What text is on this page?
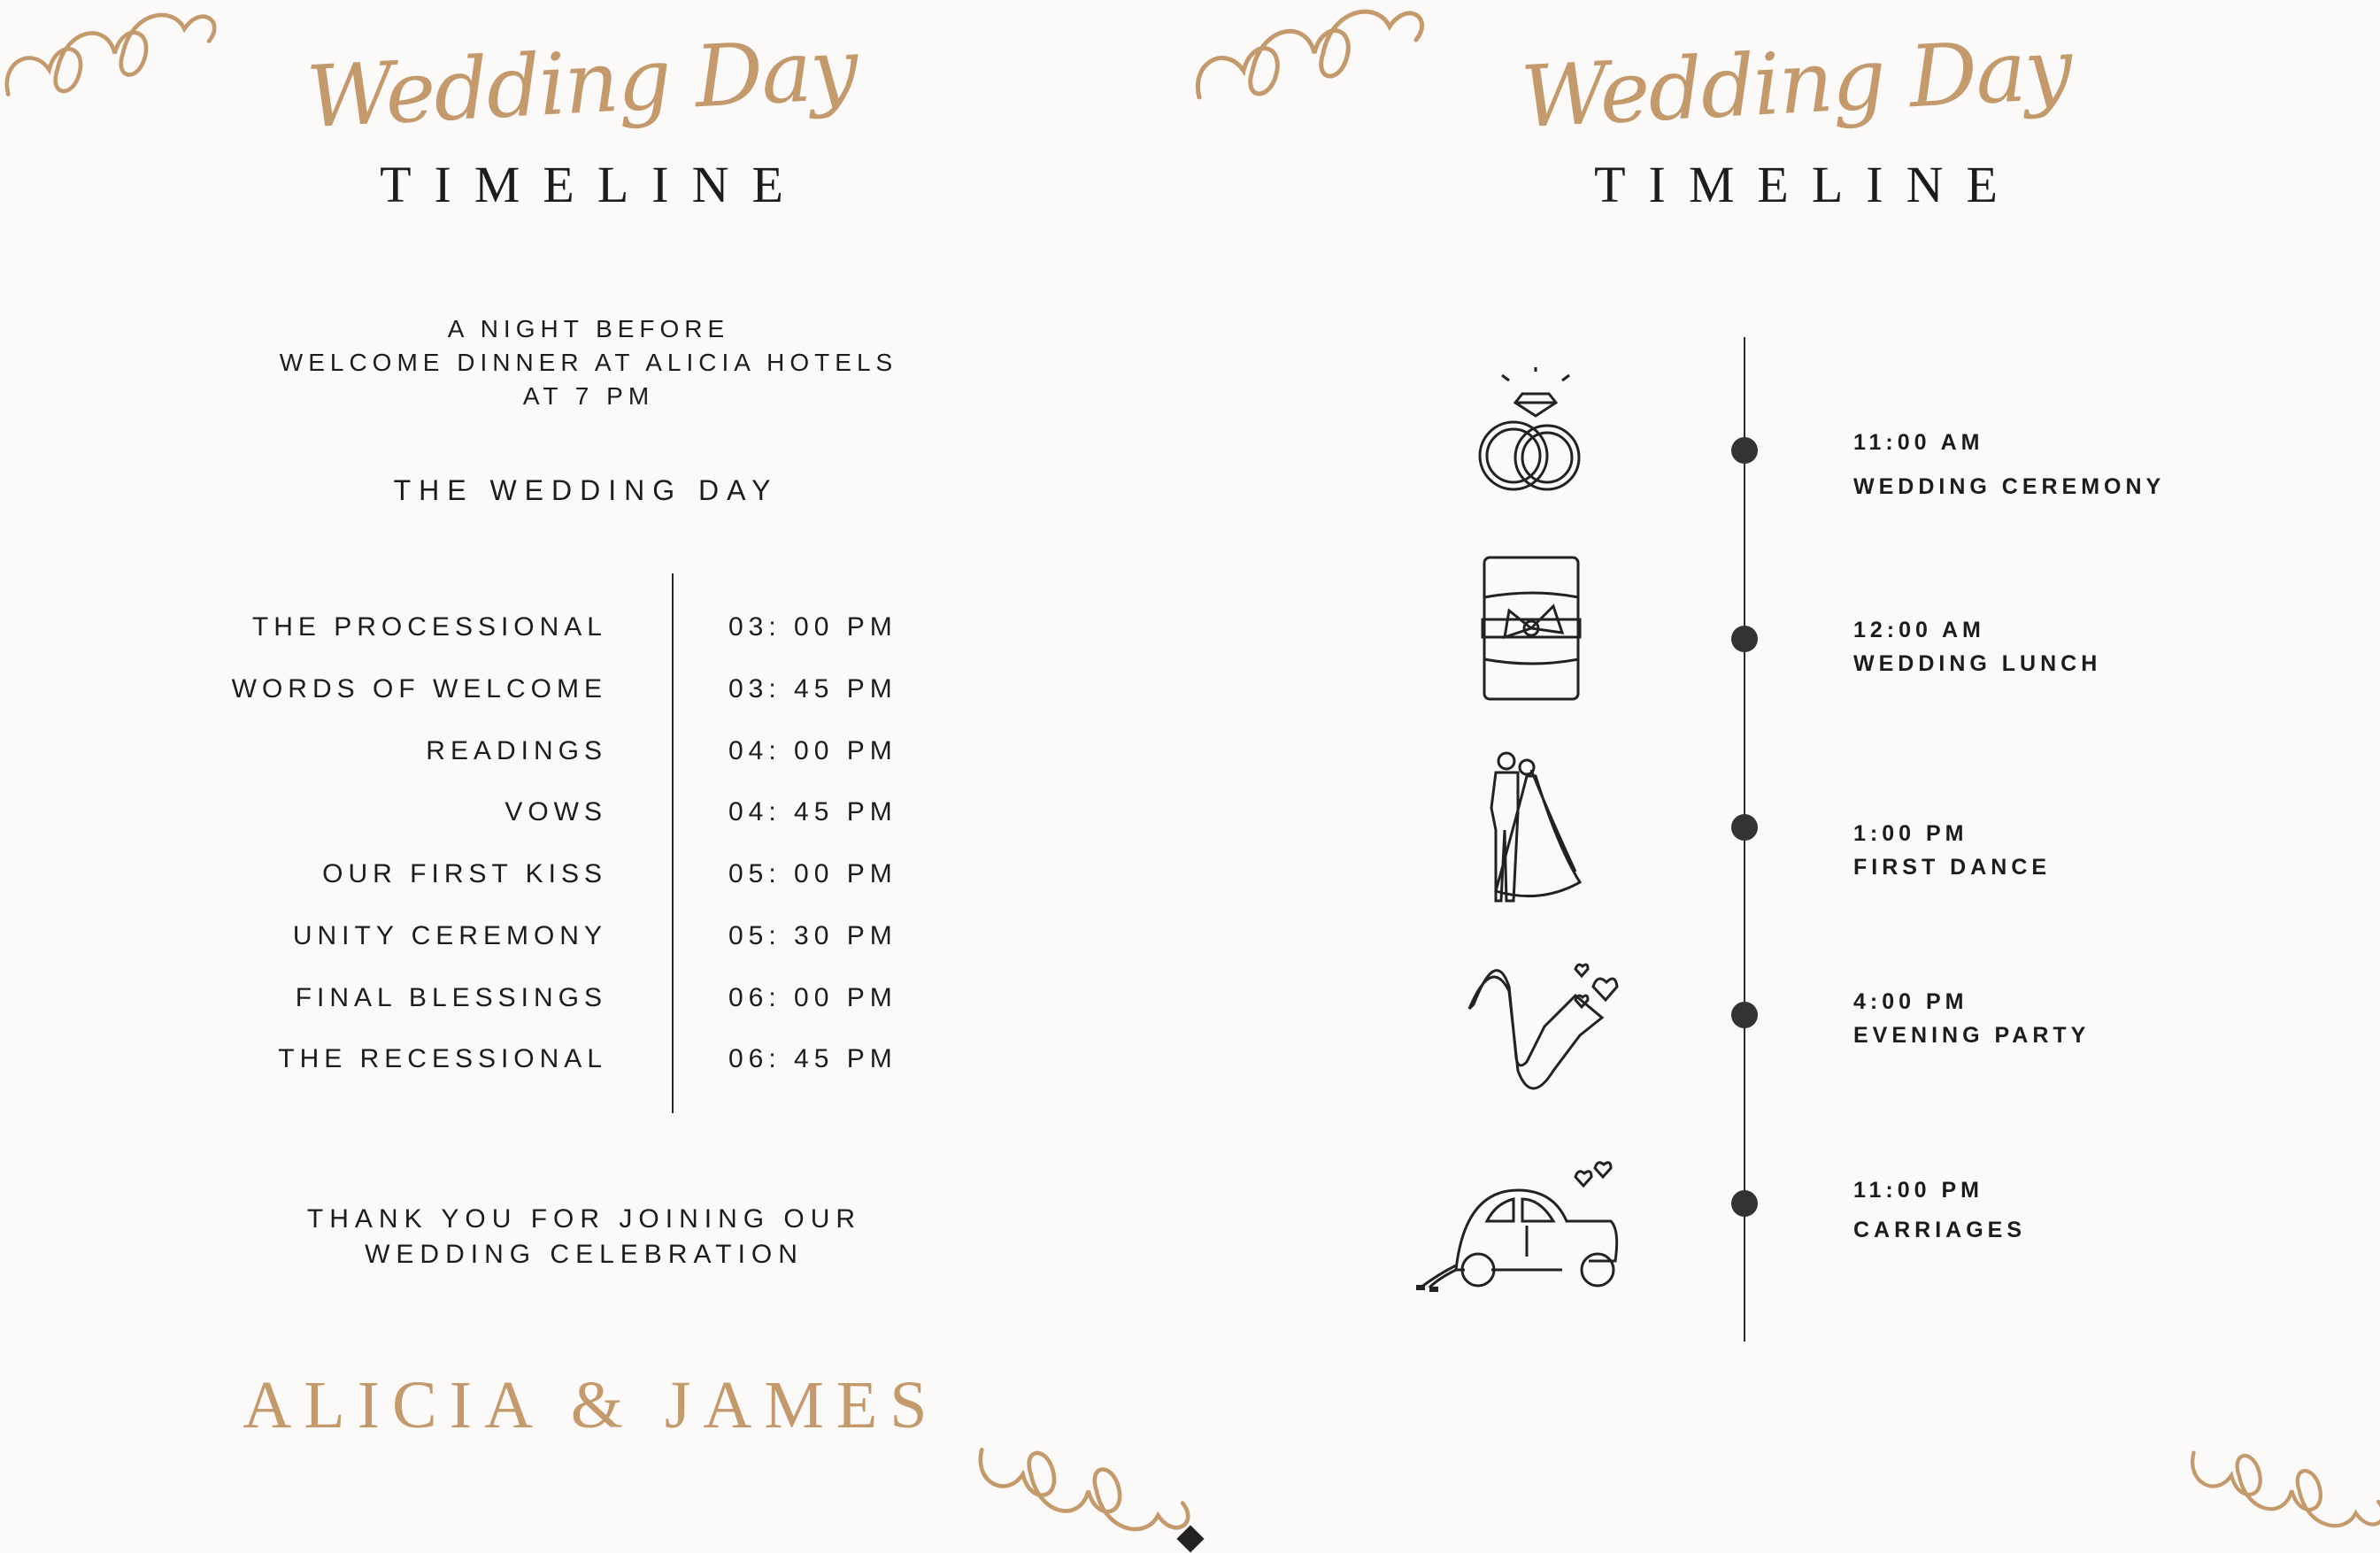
Wedding Day
TIMELINE
A NIGHT BEFORE
WELCOME DINNER AT ALICIA HOTELS
AT 7 PM
THE WEDDING DAY
THE PROCESSIONAL	03: 00 PM
WORDS OF WELCOME	03: 45 PM
READINGS	04: 00 PM
VOWS	04: 45 PM
OUR FIRST KISS	05: 00 PM
UNITY CEREMONY	05: 30 PM
FINAL BLESSINGS	06: 00 PM
THE RECESSIONAL	06: 45 PM
THANK YOU FOR JOINING OUR
WEDDING CELEBRATION
ALICIA & JAMES
Wedding Day
TIMELINE
11:00 AM
WEDDING CEREMONY
12:00 AM
WEDDING LUNCH
1:00 PM
FIRST DANCE
4:00 PM
EVENING PARTY
11:00 PM
CARRIAGES
